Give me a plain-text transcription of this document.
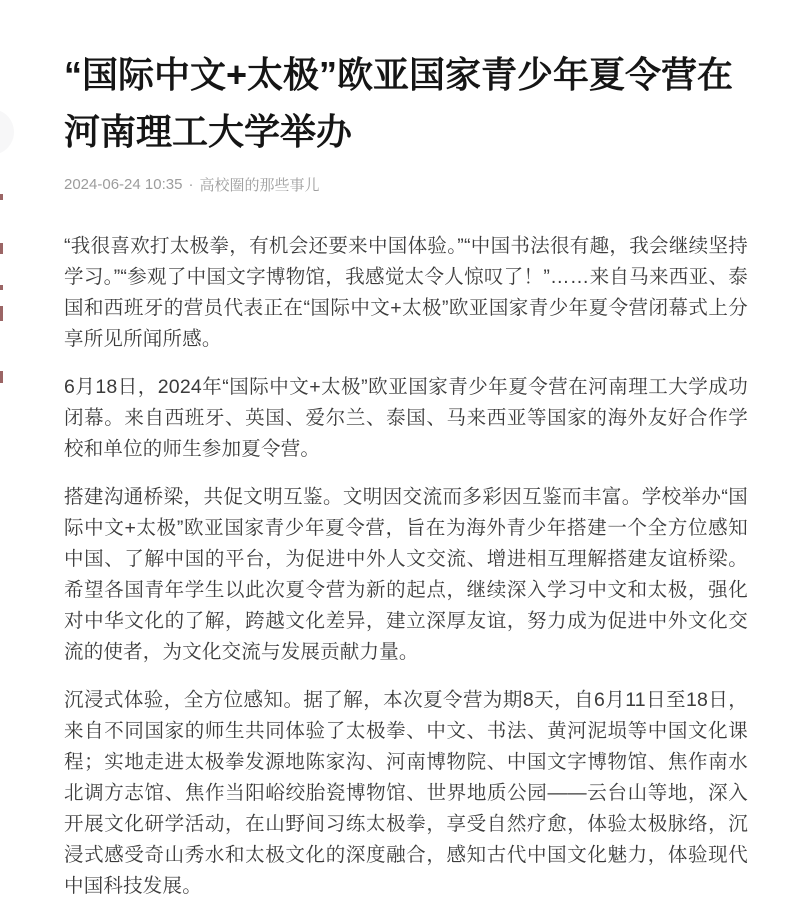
“国际中文+太极”欧亚国家青少年夏令营在河南理工大学举办
2024-06-24 10:35 · 高校圈的那些事儿

“我很喜欢打太极拳，有机会还要来中国体验。”“中国书法很有趣，我会继续坚持学习。”“参观了中国文字博物馆，我感觉太令人惊叹了！”……来自马来西亚、泰国和西班牙的营员代表正在“国际中文+太极”欧亚国家青少年夏令营闭幕式上分享所见所闻所感。

6月18日，2024年“国际中文+太极”欧亚国家青少年夏令营在河南理工大学成功闭幕。来自西班牙、英国、爱尔兰、泰国、马来西亚等国家的海外友好合作学校和单位的师生参加夏令营。

搭建沟通桥梁，共促文明互鉴。文明因交流而多彩因互鉴而丰富。学校举办“国际中文+太极”欧亚国家青少年夏令营，旨在为海外青少年搭建一个全方位感知中国、了解中国的平台，为促进中外人文交流、增进相互理解搭建友谊桥梁。希望各国青年学生以此次夏令营为新的起点，继续深入学习中文和太极，强化对中华文化的了解，跨越文化差异，建立深厚友谊，努力成为促进中外文化交流的使者，为文化交流与发展贡献力量。

沉浸式体验，全方位感知。据了解，本次夏令营为期8天，自6月11日至18日，来自不同国家的师生共同体验了太极拳、中文、书法、黄河泥埙等中国文化课程；实地走进太极拳发源地陈家沟、河南博物院、中国文字博物馆、焦作南水北调方志馆、焦作当阳峪绞胎瓷博物馆、世界地质公园——云台山等地，深入开展文化研学活动，在山野间习练太极拳，享受自然疗愈，体验太极脉络，沉浸式感受奇山秀水和太极文化的深度融合，感知古代中国文化魅力，体验现代中国科技发展。
